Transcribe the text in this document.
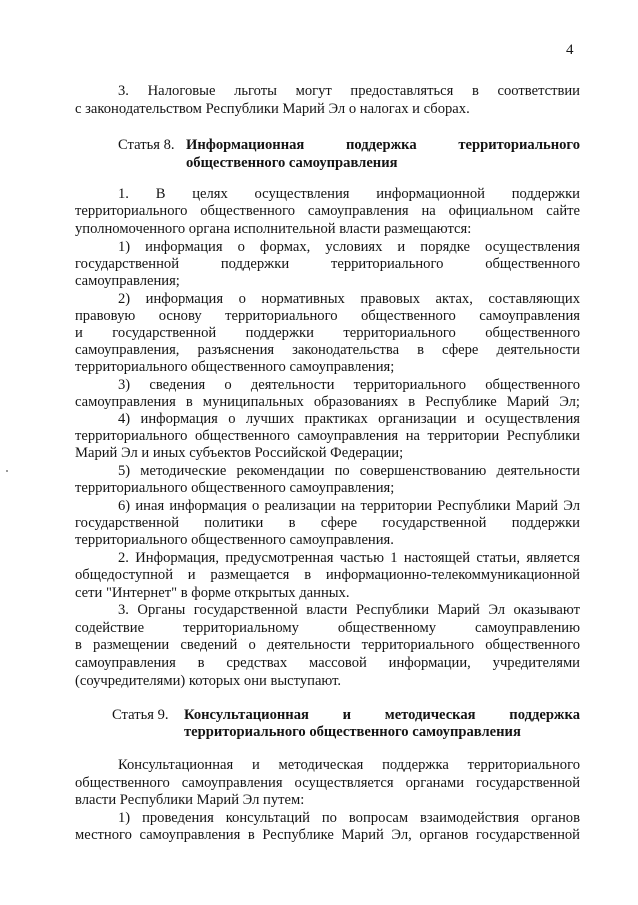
4
3. Налоговые льготы могут предоставляться в соответствии
с законодательством Республики Марий Эл о налогах и сборах.
Статья 8. Информационная поддержка территориального
общественного самоуправления
1. В целях осуществления информационной поддержки
территориального общественного самоуправления на официальном сайте
уполномоченного органа исполнительной власти размещаются:
1) информация о формах, условиях и порядке осуществления
государственной поддержки территориального общественного
самоуправления;
2) информация о нормативных правовых актах, составляющих
правовую основу территориального общественного самоуправления
и государственной поддержки территориального общественного
самоуправления, разъяснения законодательства в сфере деятельности
территориального общественного самоуправления;
3) сведения о деятельности территориального общественного
самоуправления в муниципальных образованиях в Республике Марий Эл;
4) информация о лучших практиках организации и осуществления
территориального общественного самоуправления на территории Республики
Марий Эл и иных субъектов Российской Федерации;
5) методические рекомендации по совершенствованию деятельности
территориального общественного самоуправления;
6) иная информация о реализации на территории Республики Марий Эл
государственной политики в сфере государственной поддержки
территориального общественного самоуправления.
2. Информация, предусмотренная частью 1 настоящей статьи, является
общедоступной и размещается в информационно-телекоммуникационной
сети "Интернет" в форме открытых данных.
3. Органы государственной власти Республики Марий Эл оказывают
содействие территориальному общественному самоуправлению
в размещении сведений о деятельности территориального общественного
самоуправления в средствах массовой информации, учредителями
(соучредителями) которых они выступают.
Статья 9. Консультационная и методическая поддержка
территориального общественного самоуправления
Консультационная и методическая поддержка территориального
общественного самоуправления осуществляется органами государственной
власти Республики Марий Эл путем:
1) проведения консультаций по вопросам взаимодействия органов
местного самоуправления в Республике Марий Эл, органов государственной
